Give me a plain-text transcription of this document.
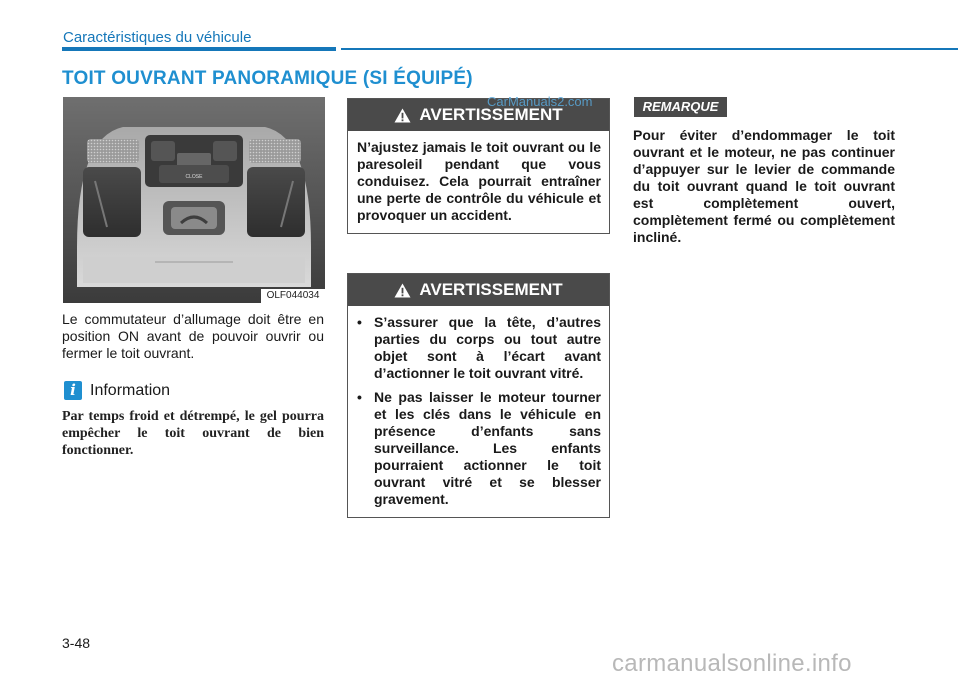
Caractéristiques du véhicule
TOIT OUVRANT PANORAMIQUE (SI ÉQUIPÉ)
CLOSE
OLF044034
Le commutateur d’allumage doit être en position ON avant de pouvoir ouvrir ou fermer le toit ouvrant.
i Information
Par temps froid et détrempé, le gel pourra empêcher le toit ouvrant de bien fonctionner.
AVERTISSEMENT
N’ajustez jamais le toit ouvrant ou le paresoleil pendant que vous conduisez. Cela pourrait entraîner une perte de contrôle du véhicule et provoquer un accident.
AVERTISSEMENT
• S’assurer que la tête, d’autres parties du corps ou tout autre objet sont à l’écart avant d’actionner le toit ouvrant vitré.
• Ne pas laisser le moteur tourner et les clés dans le véhicule en présence d’enfants sans surveillance. Les enfants pourraient actionner le toit ouvrant vitré et se blesser gravement.
REMARQUE
Pour éviter d’endommager le toit ouvrant et le moteur, ne pas continuer d’appuyer sur le levier de commande du toit ouvrant quand le toit ouvrant est complètement ouvert, complètement fermé ou complètement incliné.
CarManuals2.com
3-48
carmanualsonline.info
